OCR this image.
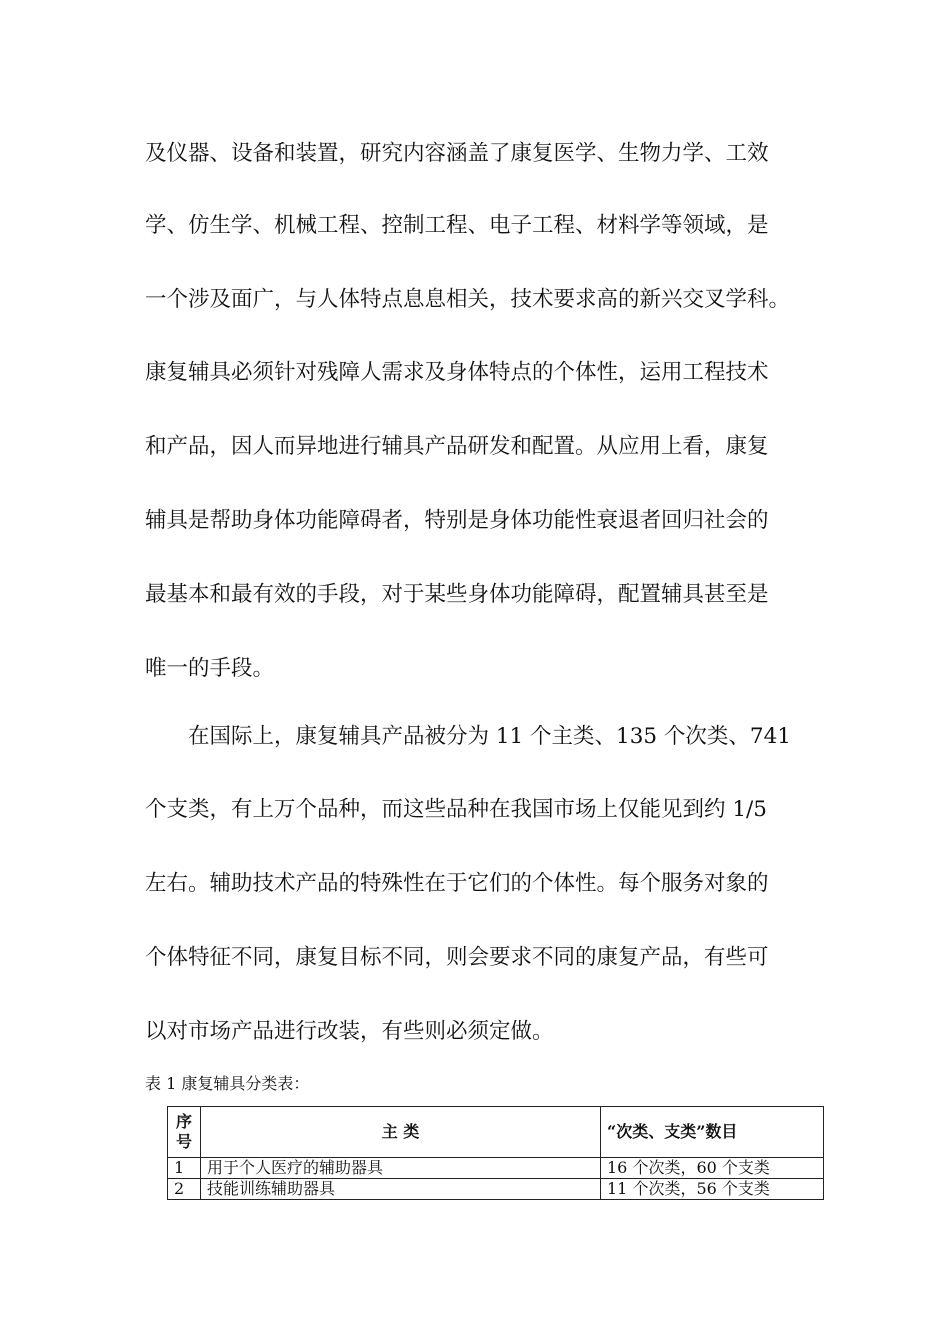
及仪器、设备和装置，研究内容涵盖了康复医学、生物力学、工效
学、仿生学、机械工程、控制工程、电子工程、材料学等领域，是
一个涉及面广，与人体特点息息相关，技术要求高的新兴交叉学科。
康复辅具必须针对残障人需求及身体特点的个体性，运用工程技术
和产品，因人而异地进行辅具产品研发和配置。从应用上看，康复
辅具是帮助身体功能障碍者，特别是身体功能性衰退者回归社会的
最基本和最有效的手段，对于某些身体功能障碍，配置辅具甚至是
唯一的手段。
在国际上，康复辅具产品被分为 11 个主类、135 个次类、741
个支类，有上万个品种，而这些品种在我国市场上仅能见到约 1/5
左右。辅助技术产品的特殊性在于它们的个体性。每个服务对象的
个体特征不同，康复目标不同，则会要求不同的康复产品，有些可
以对市场产品进行改装，有些则必须定做。
表 1 康复辅具分类表：
序号	主 类	“次类、支类”数目
1	用于个人医疗的辅助器具	16 个次类，60 个支类
2	技能训练辅助器具	11 个次类，56 个支类
